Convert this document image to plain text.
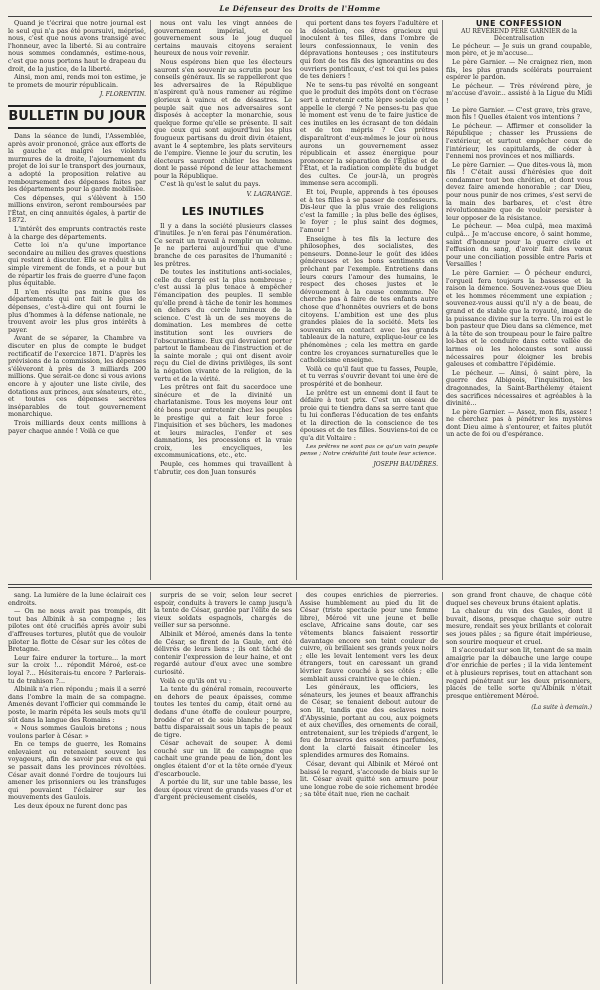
Le Défenseur des Droits de l'Homme

Quand je t'écrirai que notre journal est le seul qui n'a pas été poursuivi, méprisé, nous, c'est que nous avons transigé avec l'honneur, avec la liberté. Si au contraire nous sommes condamnés, estime-nous, c'est que nous portons haut le drapeau du droit, de la justice, de la liberté.

Ainsi, mon ami, rends moi ton estime, je te promets de mourir républicain.

J. FLORENTIN.
BULLETIN DU JOUR

Dans la séance de lundi, l'Assemblée, après avoir prononcé, grâce aux efforts de la gauche et malgré les violents murmures de la droite, l'ajournement du projet de loi sur le transport des journaux, a adopté la proposition relative au remboursement des dépenses faites par les départements pour la garde mobilisée.

Ces dépenses, qui s'élèvent à 150 millions environ, seront remboursées par l'État, en cinq annuités égales, à partir de 1872.

L'intérêt des emprunts contractés reste à la charge des départements.

Cette loi n'a qu'une importance secondaire au milieu des graves questions qui restent à discuter. Elle se réduit à un simple virement de fonds, et a pour but de répartir les frais de guerre d'une façon plus équitable.

Il n'en résulte pas moins que les départements qui ont fait le plus de dépenses, c'est-à-dire qui ont fourni le plus d'hommes à la défense nationale, ne trouvent avoir les plus gros intérêts à payer.

Avant de se séparer, la Chambre va discuter en plus de compte le budget rectificatif de l'exercice 1871. D'après les prévisions de la commission, les dépenses s'élèveront à près de 3 milliards 200 millions. Que serait-ce donc si vous avions encore à y ajouter une liste civile, des dotations aux princes, aux sénateurs, etc., et toutes ces dépenses secrètes inséparables de tout gouvernement monarchique.

Trois milliards deux cents millions à payer chaque année ! Voilà ce que

nous ont valu les vingt années de gouvernement impérial, et ce gouvernement sous le joug duquel certains mauvais citoyens seraient heureux de nous voir revenir.

Nous espérons bien que les électeurs sauront s'en souvenir au scrutin pour les conseils généraux. Ils se rappelleront que les adversaires de la République n'aspirent qu'à nous ramener au régime glorieux à vaincu et de désastres. Le peuple sait que nos adversaires sont disposés à accepter la monarchie, sous quelque forme qu'elle se présente. Il sait que ceux qui sont aujourd'hui les plus fougueux partisans du droit divin étaient, avant le 4 septembre, les plats serviteurs de l'empire. Vienne le jour du scrutin, les électeurs sauront châtier les hommes dont le passé répond de leur attachement pour la République.

C'est là qu'est le salut du pays.

V. LAGRANGE.
LES INUTILES

Il y a dans la société plusieurs classes d'inutiles. Je n'en ferai pas l'énumération. Ce serait un travail à remplir un volume. Je ne parlerai aujourd'hui que d'une branche de ces parasites de l'humanité : les prêtres.

De toutes les institutions anti-sociales, celle du clergé est la plus nombreuse ; c'est aussi la plus tenace à empêcher l'émancipation des peuples. Il semble qu'elle prend à tâche de tenir les hommes en dehors du cercle lumineux de la science. C'est là un de ses moyens de domination. Les membres de cette institution sont les ouvriers de l'obscurantisme. Eux qui devraient porter partout le flambeau de l'instruction et de la sainte morale ; qui ont disent avoir reçu du Ciel de divins privilèges, ils sont la négation vivante de la religion, de la vertu et de la vérité.

Les prêtres ont fait du sacerdoce une sinécure et de la divinité un charlatanisme. Tous les moyens leur ont été bons pour entretenir chez les peuples le prestige qui a fait leur force : l'inquisition et ses bûchers, les madones et leurs miracles, l'enfer et ses damnations, les processions et la vraie croix, les encycliques, les excommunications, etc., etc.

Peuple, ces hommes qui travaillent à t'abrutir, ces don Juan tonsurés

qui portent dans tes foyers l'adultère et la désolation, ces êtres gracieux qui inoculent à tes filles, dans l'ombre de leurs confessionnaux, le venin des dépravations honteuses ; ces instituteurs qui font de tes fils des ignorantins ou des ouvriers pontificaux, c'est toi qui les paies de tes deniers !

Ne te sens-tu pas révolté en songeant que le produit des impôts dont on t'écrase sert à entretenir cette lèpre sociale qu'on appelle le clergé ? Ne penses-tu pas que le moment est venu de te faire justice de ces inutiles en les écrasant de ton dédain et de ton mépris ? Ces prêtres disparaîtront d'eux-mêmes le jour où nous aurons un gouvernement assez républicain et assez énergique pour prononcer la séparation de l'Église et de l'État, et la radiation complète du budget des cultes. Ce jour-là, un progrès immense sera accompli.

Et toi, Peuple, apprends à tes épouses et à tes filles à se passer de confesseurs. Dis-leur que la plus vraie des religions c'est la famille ; la plus belle des églises, le foyer ; le plus saint des dogmes, l'amour !

Enseigne à tes fils la lecture des philosophes, des socialistes, des penseurs. Donne-leur le goût des idées généreuses et les bons sentiments en prêchant par l'exemple. Entretiens dans leurs cœurs l'amour des humains, le respect des choses justes et le dévouement à la cause commune. Ne cherche pas à faire de tes enfants autre chose que d'honnêtes ouvriers et de bons citoyens. L'ambition est une des plus grandes plaies de la société. Mets les souvenirs en contact avec les grands tableaux de la nature, explique-leur ce les phénomènes ; cela les mettra en garde contre les croyances surnaturelles que le catholicisme enseigne.

Voilà ce qu'il faut que tu fasses, Peuple, et tu verras s'ouvrir devant toi une ère de prospérité et de bonheur.

Le prêtre est un ennemi dont il faut te défaire à tout prix. C'est un oiseau de proie qui te tiendra dans sa serre tant que tu lui confieras l'éducation de tes enfants et la direction de la conscience de tes épouses et de tes filles. Souviens-toi de ce qu'a dit Voltaire :

Les prêtres ne sont pas ce qu'un vain peuple pense ; Notre crédulité fait toute leur science.

JOSEPH BAUDÈRES.
UNE CONFESSION
AU RÉVÉREND PÈRE GARNIER de la Décentralisation

Le pécheur. — Je suis un grand coupable, mon père, et je m'accuse...

Le père Garnier. — Ne craignez rien, mon fils, les plus grands scélérats pourraient espérer le pardon.

Le pécheur. — Très révérend père, je m'accuse d'avoir... assisté à la Ligue du Midi !

Le père Garnier. — C'est grave, très grave, mon fils ! Quelles étaient vos intentions ?

Le pécheur. — Affirmer et consolider la République ; chasser les Prussiens de l'extérieur, et surtout empêcher ceux de l'intérieur, les capitulards, de céder à l'ennemi nos provinces et nos milliards.

Le père Garnier. — Que dites-vous là, mon fils ! C'était aussi d'hérésies que doit condamner tout bon chrétien, et dont vous devez faire amende honorable ; car Dieu, pour nous punir de nos crimes, s'est servi de la main des barbares, et c'est être révolutionnaire que de vouloir persister à leur opposer de la résistance.

Le pécheur. — Mea culpâ, mea maximâ culpâ... Je m'accuse encore, ô saint homme, saint d'honneur pour la guerre civile et l'effusion du sang, d'avoir fait des vœux pour une conciliation possible entre Paris et Versailles !

Le père Garnier. — Ô pécheur endurci, l'orgueil fera toujours la bassesse et la raison la démence. Souvenez-vous que Dieu et les hommes récemment une expiation ; souvenez-vous aussi qu'il n'y a de beau, de grand et de stable que la royauté, image de la puissance divine sur la terre. Un roi est le bon pasteur que Dieu dans sa clémence, met à la tête de son troupeau pour le faire paître loi-bas et le conduire dans cette vallée de larmes où les holocaustes sont aussi nécessaires pour éloigner les brebis galeuses et combattre l'épidémie.

Le pécheur. — Ainsi, ô saint père, la guerre des Albigeois, l'inquisition, les dragonnades, la Saint-Barthélemy étaient des sacrifices nécessaires et agréables à la divinité...

Le père Garnier. — Assez, mon fils, assez ! ne cherchez pas à pénétrer les mystères dont Dieu aime à s'entourer, et faites plutôt un acte de foi ou d'espérance.

sang. La lumière de la lune éclairait ces endroits.

— On ne nous avait pas trompés, dit tout bas Albinik à sa compagne ; les pilotes ont été crucifiés après avoir subi d'affreuses tortures, plutôt que de vouloir piloter la flotte de César sur les côtes de Bretagne.

Leur faire endurer la torture... la mort sur la croix !... répondit Méroé, est-ce loyal ?... Hésiterais-tu encore ? Parlerais-tu de trahison ?...

Albinik n'a rien répondu ; mais il a serré dans l'ombre la main de sa compagne. Amenés devant l'officier qui commande le poste, le marin répéta les seuls mots qu'il sût dans la langue des Romains :

« Nous sommes Gaulois bretons ; nous voulons parler à César. »

En ce temps de guerre, les Romains enlevaient ou retenaient souvent les voyageurs, afin de savoir par eux ce qui se passait dans les provinces révoltées. César avait donné l'ordre de toujours lui amener les prisonniers ou les transfuges qui pouvaient l'éclairer sur les mouvements des Gaulois.

Les deux époux ne furent donc pas

surpris de se voir, selon leur secret espoir, conduits à travers le camp jusqu'à la tente de César, gardée par l'élite de ses vieux soldats espagnols, chargés de veiller sur sa personne.

Albinik et Méroé, amenés dans la tente de César, se firent de la Gaule, ont été délivrés de leurs liens ; ils ont tâché de contenir l'expression de leur haine, et ont regardé autour d'eux avec une sombre curiosité.

Voilà ce qu'ils ont vu :

La tente du général romain, recouverte en dehors de peaux épaisses, comme toutes les tentes du camp, était orné au dedans d'une étoffe de couleur pourpre, brodée d'or et de soie blanche ; le sol battu disparaissait sous un tapis de peaux de tigre.

César achevait de souper. À demi couché sur un lit de campagne que cachait une grande peau de lion, dont les ongles étaient d'or et la tête ornée d'yeux d'escarboucle.

À portée du lit, sur une table basse, les deux époux virent de grands vases d'or et d'argent précieusement ciselés,

des coupes enrichies de pierreries. Assise humblement au pied du lit de César (triste spectacle pour une femme libre), Méroé vit une jeune et belle esclave, Africaine sans doute, car ses vêtements blancs faisaient ressortir davantage encore son teint couleur de cuivre, où brillaient ses grands yeux noirs ; elle les levait lentement vers les deux étrangers, tout en caressant un grand lévrier fauve couché à ses côtés ; elle semblait aussi craintive que le chien.

Les généraux, les officiers, les sénateurs, les jeunes et beaux affranchis de César, se tenaient debout autour de son lit, tandis que des esclaves noirs d'Abyssinie, portant au cou, aux poignets et aux chevilles, des ornements de corail, entretenaient, sur les trépieds d'argent, le feu de braseros des essences parfumées, dont la clarté faisait étinceler les splendides armures des Romains.

César, devant qui Albinik et Méroé ont baissé le regard, s'accoude de biais sur le lit. César avait quitté son armure pour une longue robe de soie richement brodée ; sa tête était nue, rien ne cachait

son grand front chauve, de chaque côté duquel ses cheveux bruns étaient aplatis.

La chaleur du vin des Gaules, dont il buvait, disons, presque chaque soir outre mesure, rendait ses yeux brillants et colorait ses joues pâles ; sa figure était impérieuse, son sourire moqueur et cruel.

Il s'accoudait sur son lit, tenant de sa main amaigrie par la débauche une large coupe d'or enrichie de perles ; il la vida lentement et à plusieurs reprises, tout en attachant son regard pénétrant sur les deux prisonniers, placés de telle sorte qu'Albinik n'était presque entièrement Méroé.

(La suite à demain.)
